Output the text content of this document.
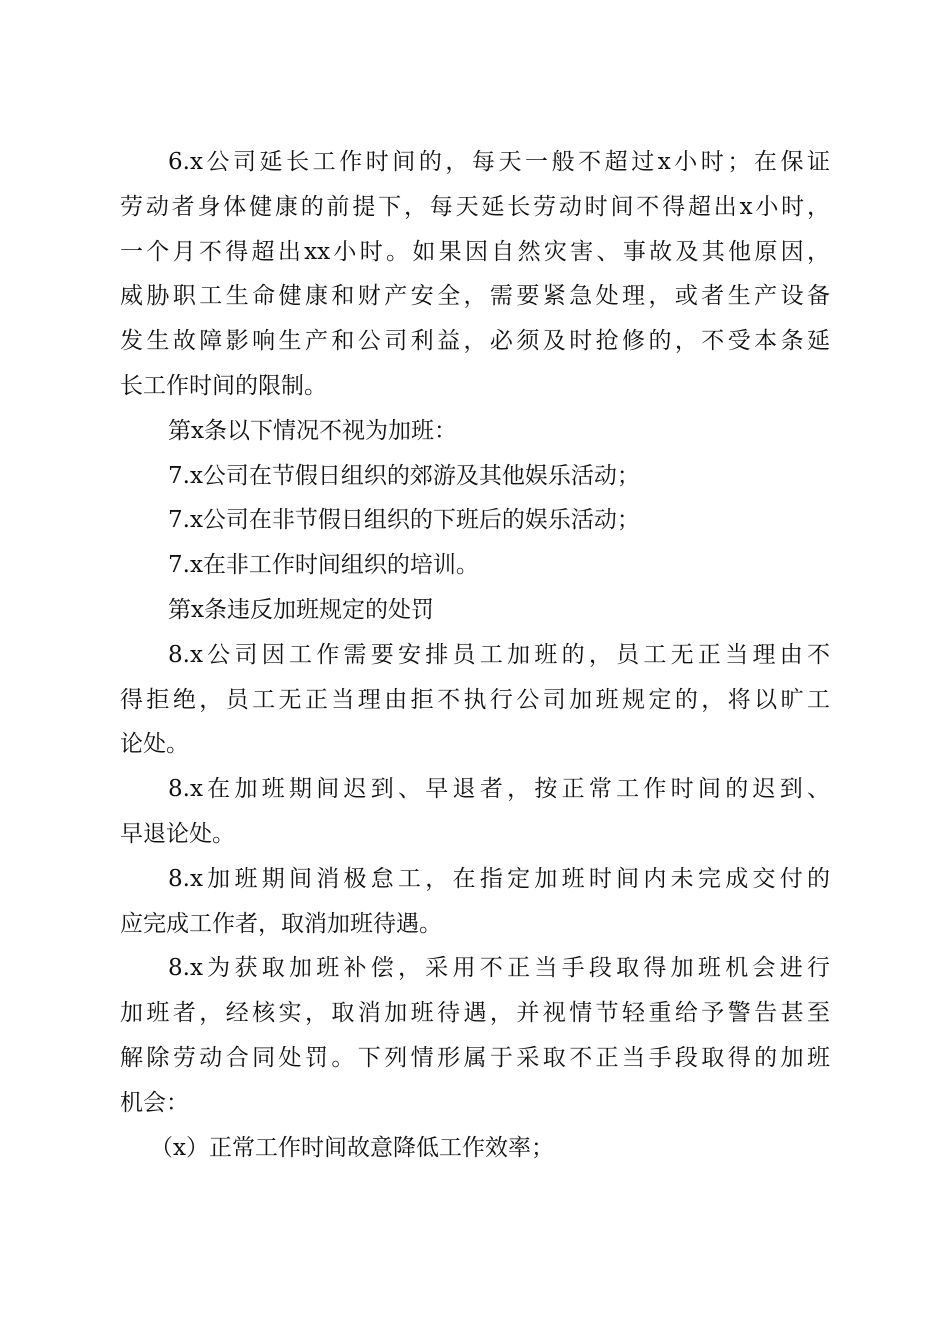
6.x公司延长工作时间的，每天一般不超过x小时；在保证
劳动者身体健康的前提下，每天延长劳动时间不得超出x小时，
一个月不得超出xx小时。如果因自然灾害、事故及其他原因，
威胁职工生命健康和财产安全，需要紧急处理，或者生产设备
发生故障影响生产和公司利益，必须及时抢修的，不受本条延
长工作时间的限制。
第x条以下情况不视为加班：
7.x公司在节假日组织的郊游及其他娱乐活动；
7.x公司在非节假日组织的下班后的娱乐活动；
7.x在非工作时间组织的培训。
第x条违反加班规定的处罚
8.x公司因工作需要安排员工加班的，员工无正当理由不
得拒绝，员工无正当理由拒不执行公司加班规定的，将以旷工
论处。
8.x在加班期间迟到、早退者，按正常工作时间的迟到、
早退论处。
8.x加班期间消极怠工，在指定加班时间内未完成交付的
应完成工作者，取消加班待遇。
8.x为获取加班补偿，采用不正当手段取得加班机会进行
加班者，经核实，取消加班待遇，并视情节轻重给予警告甚至
解除劳动合同处罚。下列情形属于采取不正当手段取得的加班
机会：
（x）正常工作时间故意降低工作效率；
